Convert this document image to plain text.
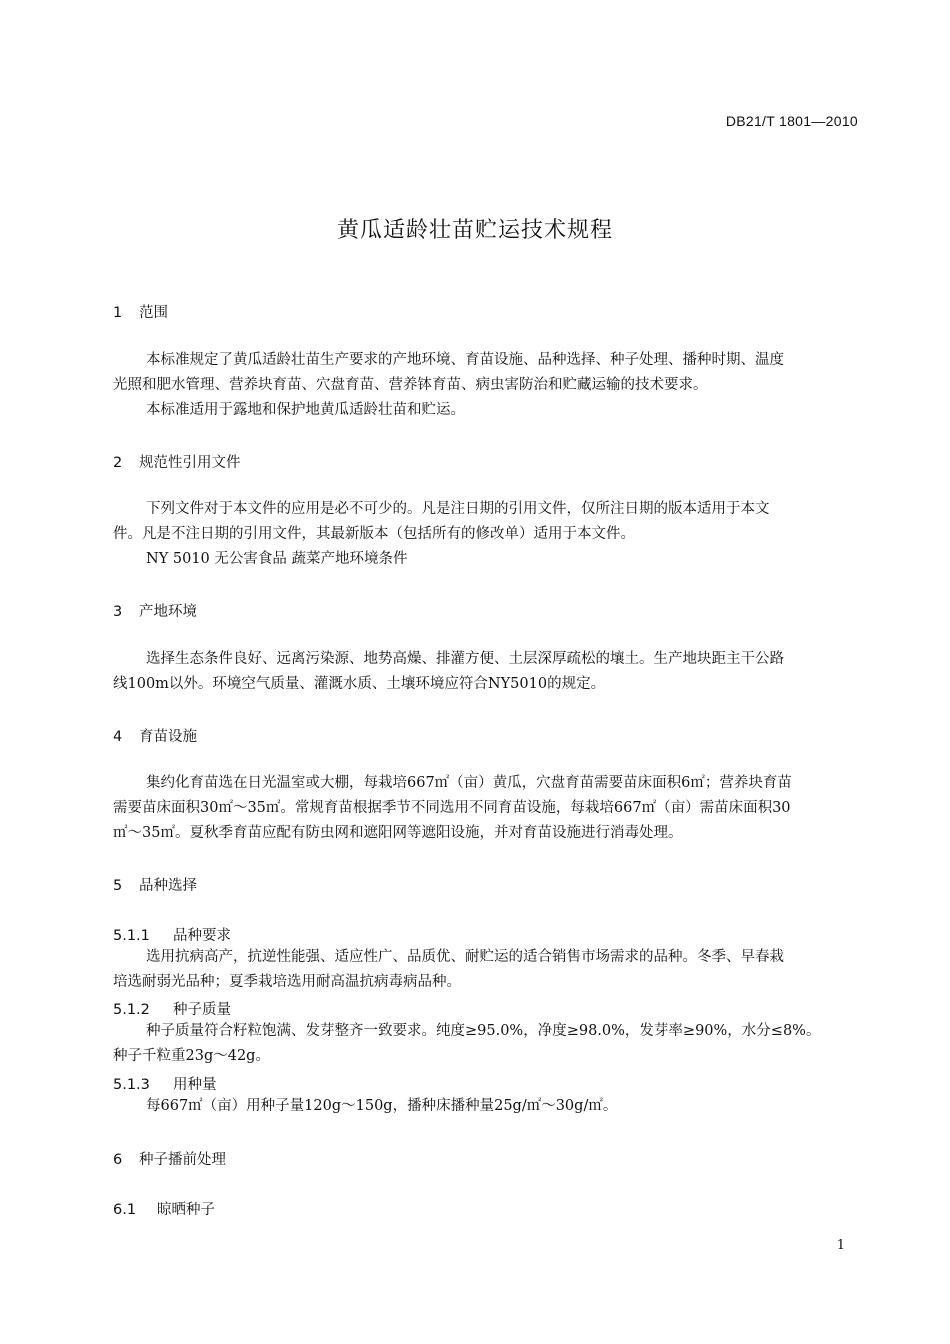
DB21/T 1801—2010
黄瓜适龄壮苗贮运技术规程
1 范围
本标准规定了黄瓜适龄壮苗生产要求的产地环境、育苗设施、品种选择、种子处理、播种时期、温度
光照和肥水管理、营养块育苗、穴盘育苗、营养钵育苗、病虫害防治和贮藏运输的技术要求。
本标准适用于露地和保护地黄瓜适龄壮苗和贮运。
2 规范性引用文件
下列文件对于本文件的应用是必不可少的。凡是注日期的引用文件，仅所注日期的版本适用于本文
件。凡是不注日期的引用文件，其最新版本（包括所有的修改单）适用于本文件。
NY 5010 无公害食品 蔬菜产地环境条件
3 产地环境
选择生态条件良好、远离污染源、地势高燥、排灌方便、土层深厚疏松的壤土。生产地块距主干公路
线100m以外。环境空气质量、灌溉水质、土壤环境应符合NY5010的规定。
4 育苗设施
集约化育苗选在日光温室或大棚，每栽培667㎡（亩）黄瓜，穴盘育苗需要苗床面积6㎡；营养块育苗
需要苗床面积30㎡～35㎡。常规育苗根据季节不同选用不同育苗设施，每栽培667㎡（亩）需苗床面积30
㎡～35㎡。夏秋季育苗应配有防虫网和遮阳网等遮阳设施，并对育苗设施进行消毒处理。
5 品种选择
5.1.1 品种要求
选用抗病高产，抗逆性能强、适应性广、品质优、耐贮运的适合销售市场需求的品种。冬季、早春栽
培选耐弱光品种；夏季栽培选用耐高温抗病毒病品种。
5.1.2 种子质量
种子质量符合籽粒饱满、发芽整齐一致要求。纯度≥95.0%，净度≥98.0%，发芽率≥90%，水分≤8%。
种子千粒重23g～42g。
5.1.3 用种量
每667㎡（亩）用种子量120g～150g，播种床播种量25g/㎡～30g/㎡。
6 种子播前处理
6.1 晾晒种子
1
